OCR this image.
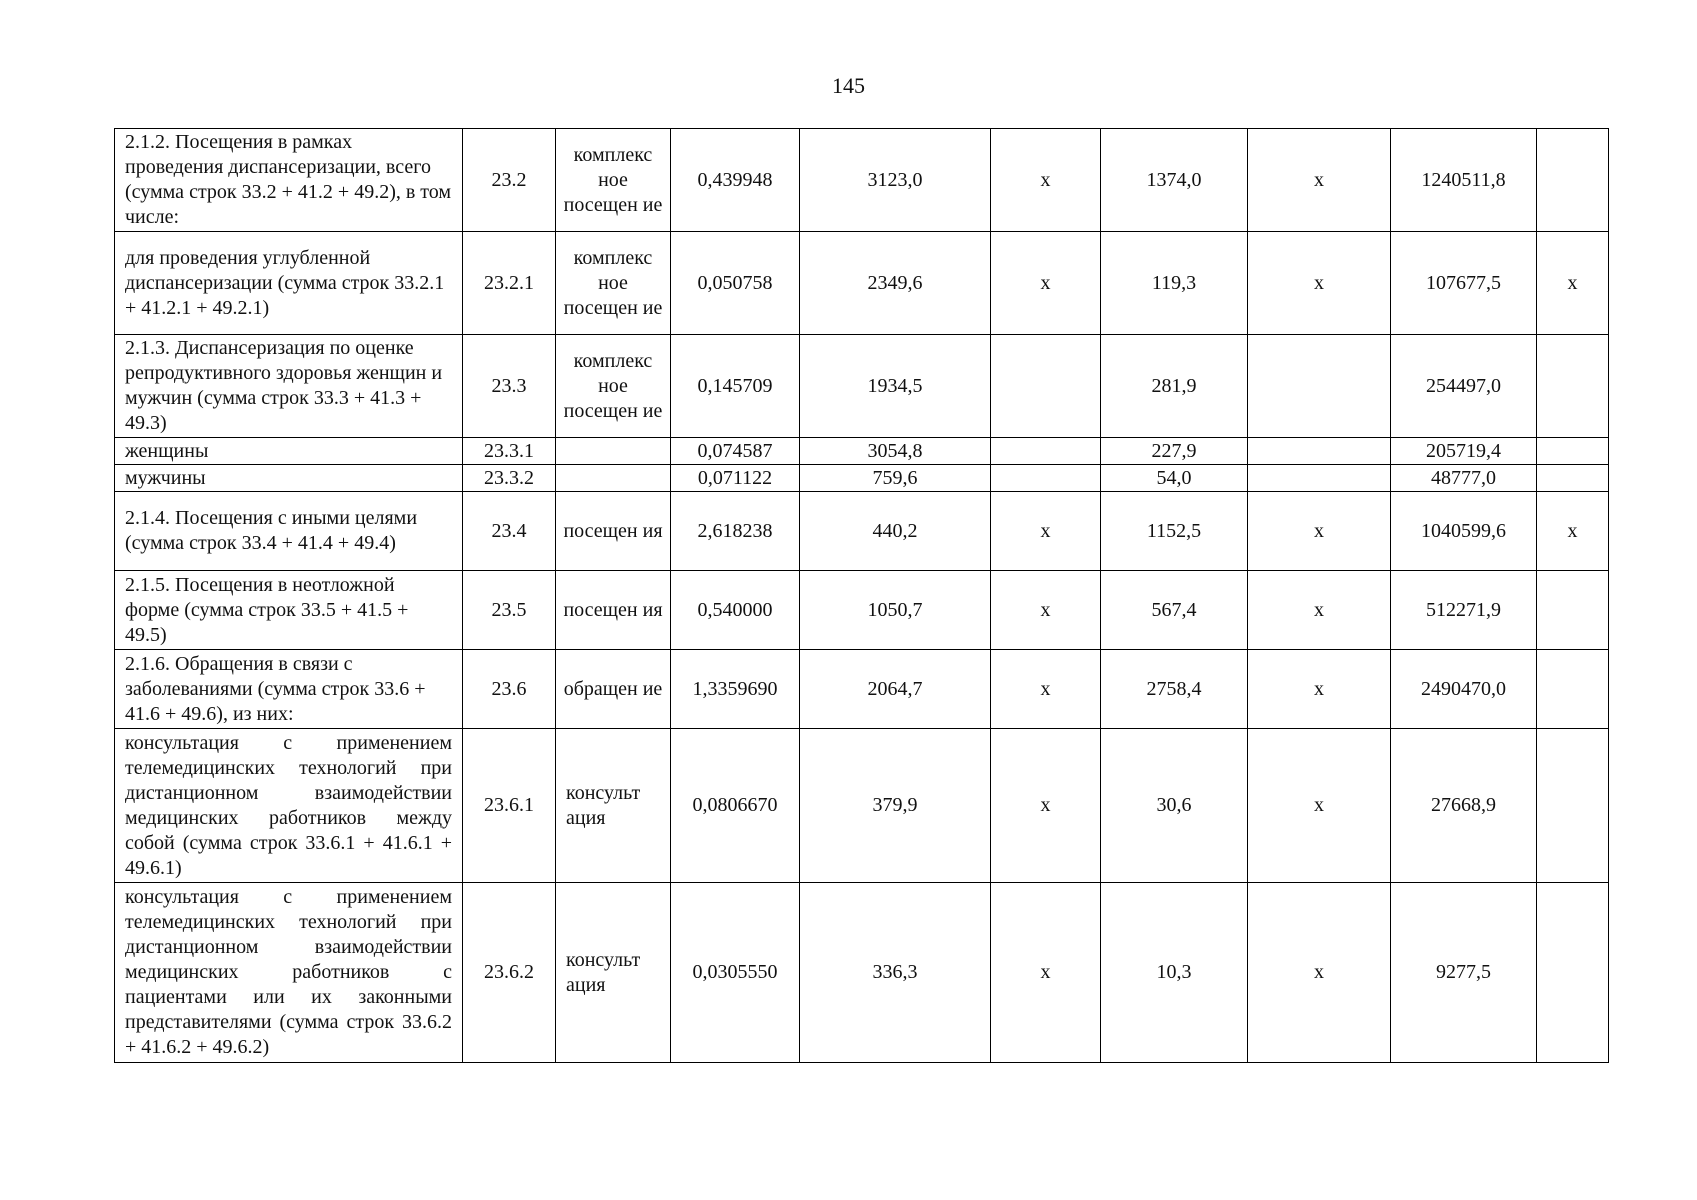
145
2.1.2. Посещения в рамках проведения диспансеризации, всего (сумма строк 33.2 + 41.2 + 49.2), в том числе:	23.2	комплекс ное посещен ие	0,439948	3123,0	х	1374,0	х	1240511,8	
для проведения углубленной диспансеризации (сумма строк 33.2.1 + 41.2.1 + 49.2.1)	23.2.1	комплекс ное посещен ие	0,050758	2349,6	х	119,3	х	107677,5	х
2.1.3. Диспансеризация по оценке репродуктивного здоровья женщин и мужчин (сумма строк 33.3 + 41.3 + 49.3)	23.3	комплекс ное посещен ие	0,145709	1934,5		281,9		254497,0	
женщины	23.3.1		0,074587	3054,8		227,9		205719,4	
мужчины	23.3.2		0,071122	759,6		54,0		48777,0	
2.1.4. Посещения с иными целями (сумма строк 33.4 + 41.4 + 49.4)	23.4	посещен ия	2,618238	440,2	х	1152,5	х	1040599,6	х
2.1.5. Посещения в неотложной форме (сумма строк 33.5 + 41.5 + 49.5)	23.5	посещен ия	0,540000	1050,7	х	567,4	х	512271,9	
2.1.6. Обращения в связи с заболеваниями (сумма строк 33.6 + 41.6 + 49.6), из них:	23.6	обращен ие	1,3359690	2064,7	х	2758,4	х	2490470,0	
консультация с применением телемедицинских технологий при дистанционном взаимодействии медицинских работников между собой (сумма строк 33.6.1 + 41.6.1 + 49.6.1)	23.6.1	консульт ация	0,0806670	379,9	х	30,6	х	27668,9	
консультация с применением телемедицинских технологий при дистанционном взаимодействии медицинских работников с пациентами или их законными представителями (сумма строк 33.6.2 + 41.6.2 + 49.6.2)	23.6.2	консульт ация	0,0305550	336,3	х	10,3	х	9277,5	
